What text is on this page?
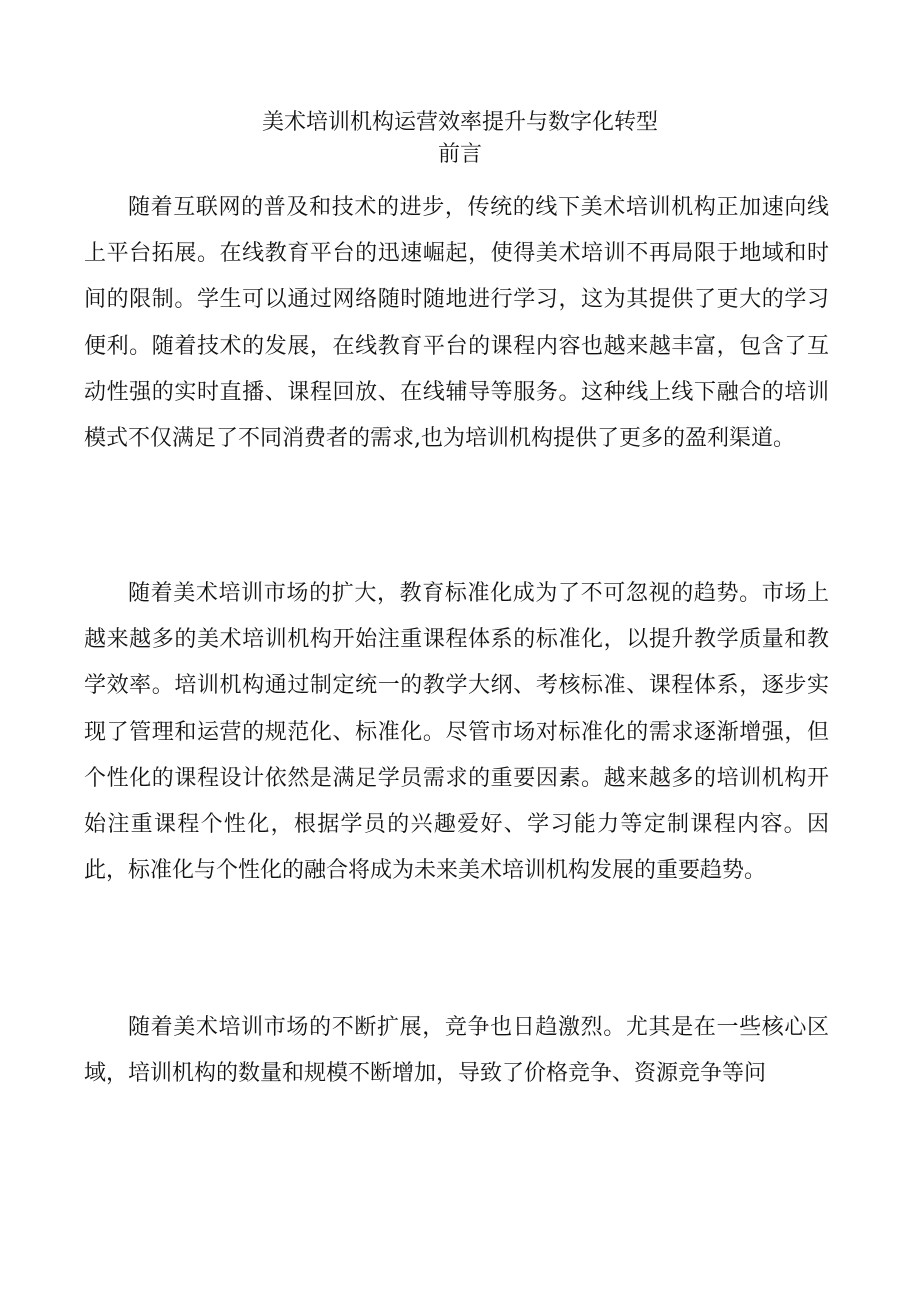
美术培训机构运营效率提升与数字化转型
前言

随着互联网的普及和技术的进步，传统的线下美术培训机构正加速向线上平台拓展。在线教育平台的迅速崛起，使得美术培训不再局限于地域和时间的限制。学生可以通过网络随时随地进行学习，这为其提供了更大的学习便利。随着技术的发展，在线教育平台的课程内容也越来越丰富，包含了互动性强的实时直播、课程回放、在线辅导等服务。这种线上线下融合的培训模式不仅满足了不同消费者的需求,也为培训机构提供了更多的盈利渠道。

随着美术培训市场的扩大，教育标准化成为了不可忽视的趋势。市场上越来越多的美术培训机构开始注重课程体系的标准化，以提升教学质量和教学效率。培训机构通过制定统一的教学大纲、考核标准、课程体系，逐步实现了管理和运营的规范化、标准化。尽管市场对标准化的需求逐渐增强，但个性化的课程设计依然是满足学员需求的重要因素。越来越多的培训机构开始注重课程个性化，根据学员的兴趣爱好、学习能力等定制课程内容。因此，标准化与个性化的融合将成为未来美术培训机构发展的重要趋势。

随着美术培训市场的不断扩展，竞争也日趋激烈。尤其是在一些核心区域，培训机构的数量和规模不断增加，导致了价格竞争、资源竞争等问
